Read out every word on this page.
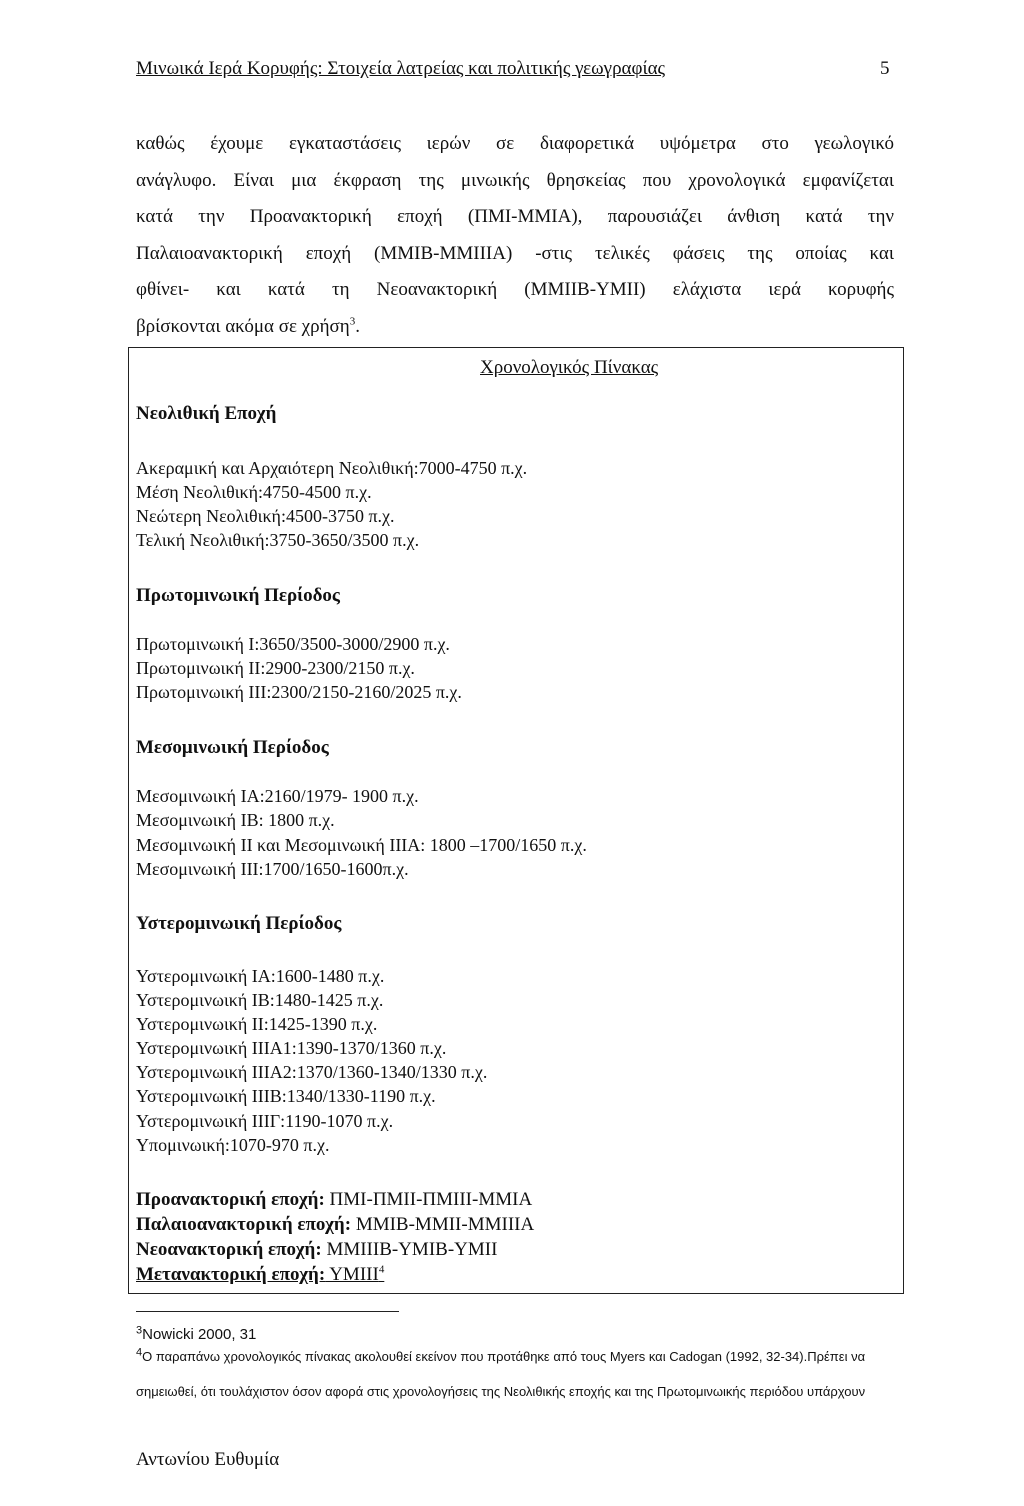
Μινωικά Ιερά Κορυφής: Στοιχεία λατρείας και πολιτικής γεωγραφίας	5
καθώς έχουμε εγκαταστάσεις ιερών σε διαφορετικά υψόμετρα στο γεωλογικό
ανάγλυφο. Είναι μια έκφραση της μινωικής θρησκείας που χρονολογικά εμφανίζεται
κατά την Προανακτορική εποχή (ΠΜΙ-ΜΜΙΑ), παρουσιάζει άνθιση κατά την
Παλαιοανακτορική εποχή (ΜΜΙΒ-ΜΜΙΙΙΑ) -στις τελικές φάσεις της οποίας και
φθίνει- και κατά τη Νεοανακτορική (ΜΜΙΙΒ-ΥΜΙΙ) ελάχιστα ιερά κορυφής
βρίσκονται ακόμα σε χρήση$^3$.
Χρονολογικός Πίνακας
Νεολιθική Εποχή
Ακεραμική και Αρχαιότερη Νεολιθική:7000-4750 π.χ.
Μέση Νεολιθική:4750-4500 π.χ.
Νεώτερη Νεολιθική:4500-3750 π.χ.
Τελική Νεολιθική:3750-3650/3500 π.χ.
Πρωτομινωική Περίοδος
Πρωτομινωική Ι:3650/3500-3000/2900 π.χ.
Πρωτομινωική ΙΙ:2900-2300/2150 π.χ.
Πρωτομινωική ΙΙΙ:2300/2150-2160/2025 π.χ.
Μεσομινωική Περίοδος
Μεσομινωική ΙΑ:2160/1979- 1900 π.χ.
Μεσομινωική ΙΒ: 1800 π.χ.
Μεσομινωική ΙΙ και Μεσομινωική ΙΙΙΑ: 1800 –1700/1650 π.χ.
Μεσομινωική ΙΙΙ:1700/1650-1600π.χ.
Υστερομινωική Περίοδος
Υστερομινωική ΙΑ:1600-1480 π.χ.
Υστερομινωική ΙΒ:1480-1425 π.χ.
Υστερομινωική ΙΙ:1425-1390 π.χ.
Υστερομινωική ΙΙΙΑ1:1390-1370/1360 π.χ.
Υστερομινωική ΙΙΙΑ2:1370/1360-1340/1330 π.χ.
Υστερομινωική ΙΙΙΒ:1340/1330-1190 π.χ.
Υστερομινωική ΙΙΙΓ:1190-1070 π.χ.
Υπομινωική:1070-970 π.χ.
Προανακτορική εποχή: ΠΜΙ-ΠΜΙΙ-ΠΜΙΙΙ-ΜΜΙΑ
Παλαιοανακτορική εποχή: ΜΜΙΒ-ΜΜΙΙ-ΜΜΙΙΙΑ
Νεοανακτορική εποχή: ΜΜΙΙΙΒ-ΥΜΙΒ-ΥΜΙΙ
Μετανακτορική εποχή: ΥΜΙΙΙ$^4$
$^3$Nowicki 2000, 31
$^4$Ο παραπάνω χρονολογικός πίνακας ακολουθεί εκείνον που προτάθηκε από τους Myers και Cadogan (1992, 32-34).Πρέπει να
σημειωθεί, ότι τουλάχιστον όσον αφορά στις χρονολογήσεις της Νεολιθικής εποχής και της Πρωτομινωικής περιόδου υπάρχουν
Αντωνίου Ευθυμία
